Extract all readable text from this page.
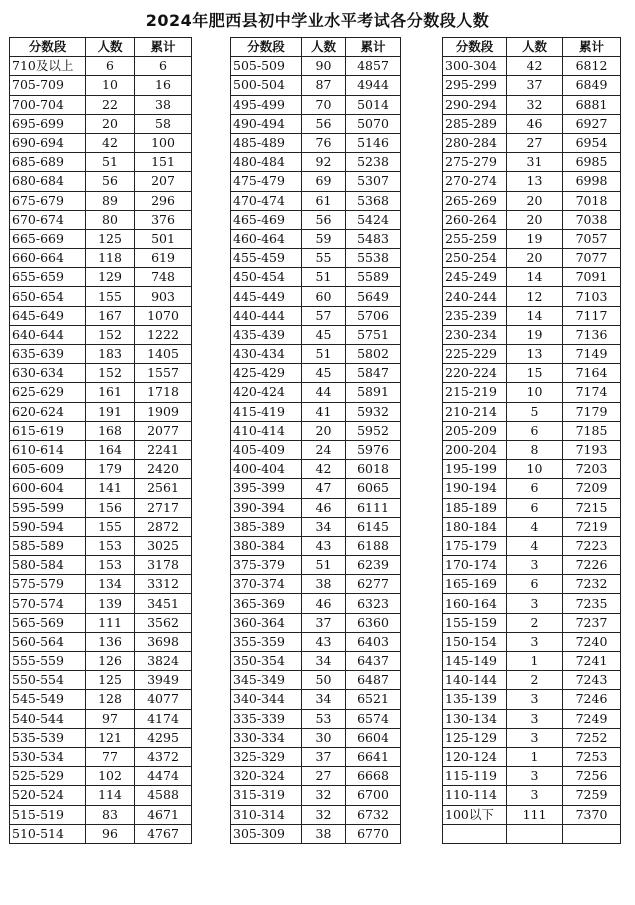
2024年肥西县初中学业水平考试各分数段人数
分数段	人数	累计
710及以上	6	6
705-709	10	16
700-704	22	38
695-699	20	58
690-694	42	100
685-689	51	151
680-684	56	207
675-679	89	296
670-674	80	376
665-669	125	501
660-664	118	619
655-659	129	748
650-654	155	903
645-649	167	1070
640-644	152	1222
635-639	183	1405
630-634	152	1557
625-629	161	1718
620-624	191	1909
615-619	168	2077
610-614	164	2241
605-609	179	2420
600-604	141	2561
595-599	156	2717
590-594	155	2872
585-589	153	3025
580-584	153	3178
575-579	134	3312
570-574	139	3451
565-569	111	3562
560-564	136	3698
555-559	126	3824
550-554	125	3949
545-549	128	4077
540-544	97	4174
535-539	121	4295
530-534	77	4372
525-529	102	4474
520-524	114	4588
515-519	83	4671
510-514	96	4767
分数段	人数	累计
505-509	90	4857
500-504	87	4944
495-499	70	5014
490-494	56	5070
485-489	76	5146
480-484	92	5238
475-479	69	5307
470-474	61	5368
465-469	56	5424
460-464	59	5483
455-459	55	5538
450-454	51	5589
445-449	60	5649
440-444	57	5706
435-439	45	5751
430-434	51	5802
425-429	45	5847
420-424	44	5891
415-419	41	5932
410-414	20	5952
405-409	24	5976
400-404	42	6018
395-399	47	6065
390-394	46	6111
385-389	34	6145
380-384	43	6188
375-379	51	6239
370-374	38	6277
365-369	46	6323
360-364	37	6360
355-359	43	6403
350-354	34	6437
345-349	50	6487
340-344	34	6521
335-339	53	6574
330-334	30	6604
325-329	37	6641
320-324	27	6668
315-319	32	6700
310-314	32	6732
305-309	38	6770
分数段	人数	累计
300-304	42	6812
295-299	37	6849
290-294	32	6881
285-289	46	6927
280-284	27	6954
275-279	31	6985
270-274	13	6998
265-269	20	7018
260-264	20	7038
255-259	19	7057
250-254	20	7077
245-249	14	7091
240-244	12	7103
235-239	14	7117
230-234	19	7136
225-229	13	7149
220-224	15	7164
215-219	10	7174
210-214	5	7179
205-209	6	7185
200-204	8	7193
195-199	10	7203
190-194	6	7209
185-189	6	7215
180-184	4	7219
175-179	4	7223
170-174	3	7226
165-169	6	7232
160-164	3	7235
155-159	2	7237
150-154	3	7240
145-149	1	7241
140-144	2	7243
135-139	3	7246
130-134	3	7249
125-129	3	7252
120-124	1	7253
115-119	3	7256
110-114	3	7259
100以下	111	7370
